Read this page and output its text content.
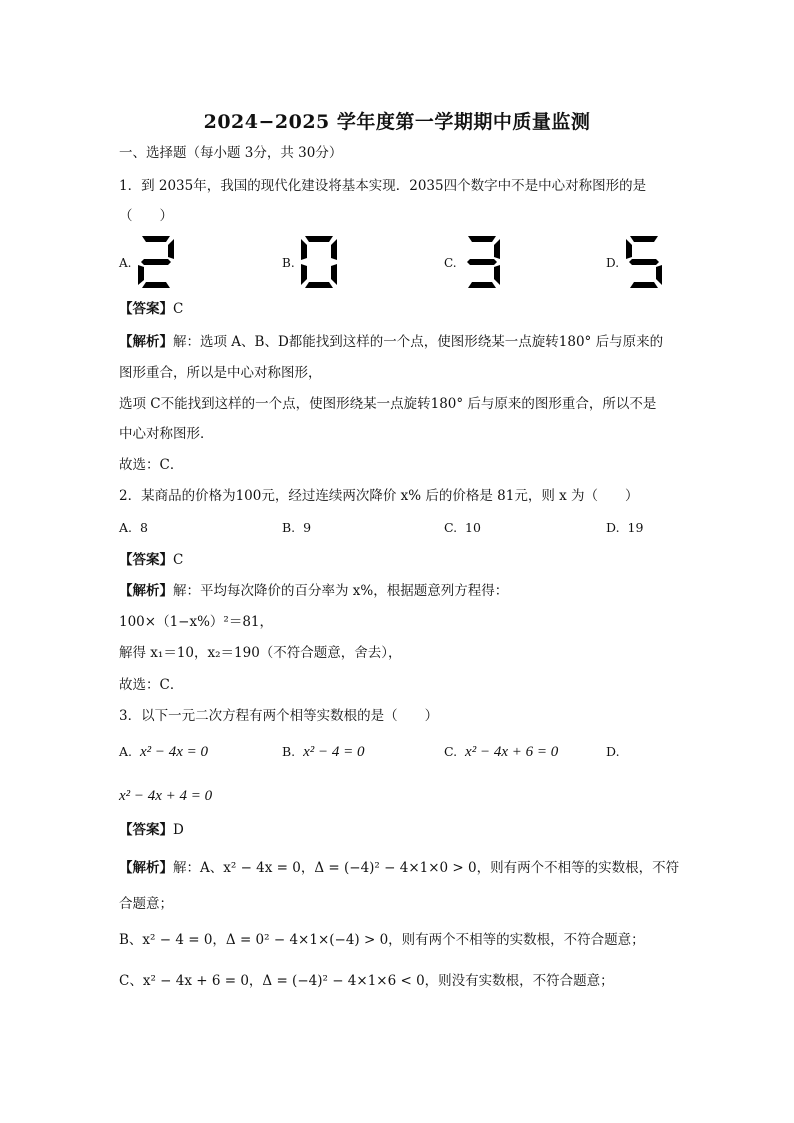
2024−2025 学年度第一学期期中质量监测
一、选择题（每小题 3分，共 30分）
1．到 2035年，我国的现代化建设将基本实现．2035四个数字中不是中心对称图形的是
（　　）
A.	B.	C.	D.
【答案】C
【解析】解：选项 A、B、D都能找到这样的一个点，使图形绕某一点旋转180° 后与原来的
图形重合，所以是中心对称图形，
选项 C不能找到这样的一个点，使图形绕某一点旋转180° 后与原来的图形重合，所以不是
中心对称图形．
故选：C．
2．某商品的价格为100元，经过连续两次降价 x% 后的价格是 81元，则 x 为（　　）
A. 8	B. 9	C. 10	D. 19
【答案】C
【解析】解：平均每次降价的百分率为 x%，根据题意列方程得：
100×（1−x%）²＝81，
解得 x₁＝10，x₂＝190（不符合题意，舍去），
故选：C．
3．以下一元二次方程有两个相等实数根的是（　　）
A. x² − 4x = 0	B. x² − 4 = 0	C. x² − 4x + 6 = 0	D.
x² − 4x + 4 = 0
【答案】D
【解析】解：A、x² − 4x = 0，Δ = (−4)² − 4×1×0 > 0，则有两个不相等的实数根，不符
合题意；
B、x² − 4 = 0，Δ = 0² − 4×1×(−4) > 0，则有两个不相等的实数根，不符合题意；
C、x² − 4x + 6 = 0，Δ = (−4)² − 4×1×6 < 0，则没有实数根，不符合题意；
